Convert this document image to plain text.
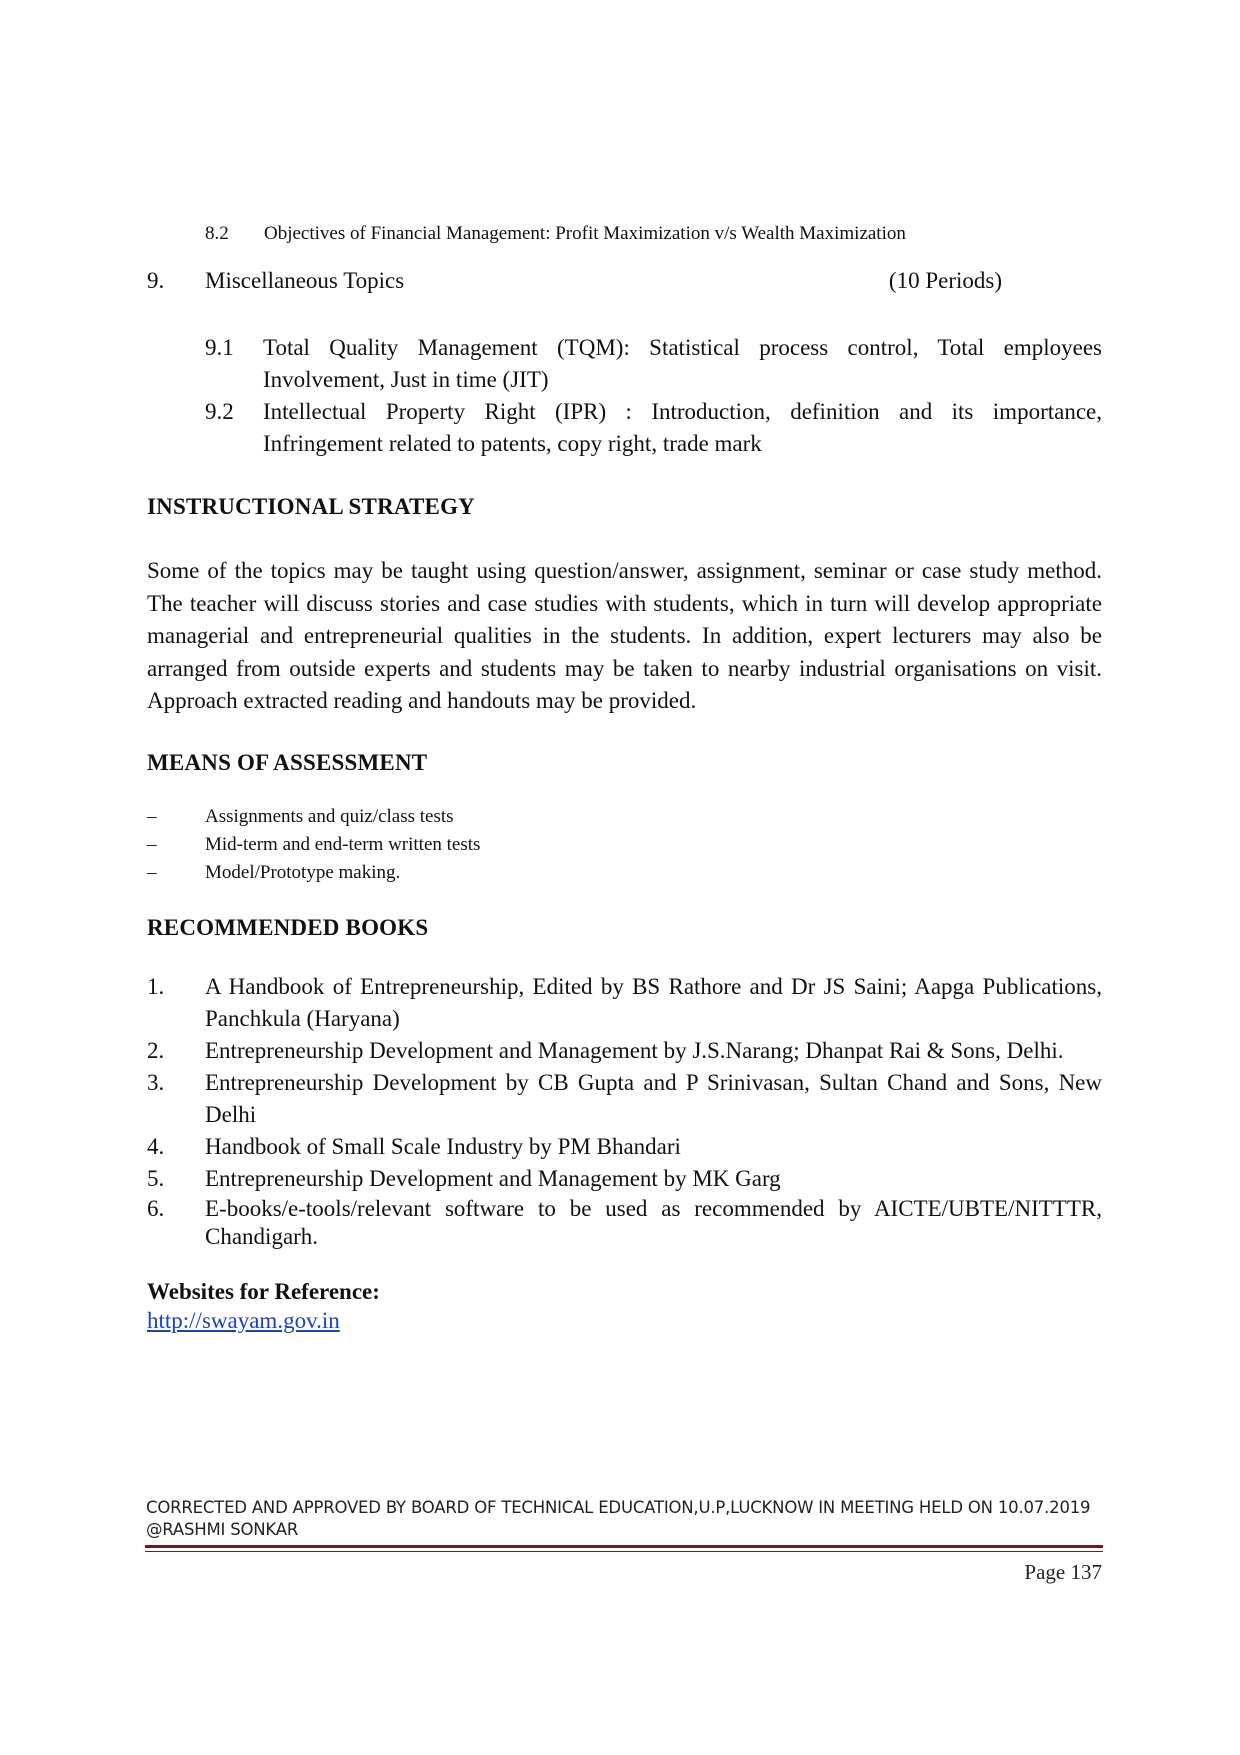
8.2 Objectives of Financial Management: Profit Maximization v/s Wealth Maximization
9. Miscellaneous Topics	(10 Periods)
9.1 Total Quality Management (TQM): Statistical process control, Total employees Involvement, Just in time (JIT)
9.2 Intellectual Property Right (IPR) : Introduction, definition and its importance, Infringement related to patents, copy right, trade mark
INSTRUCTIONAL STRATEGY

Some of the topics may be taught using question/answer, assignment, seminar or case study method. The teacher will discuss stories and case studies with students, which in turn will develop appropriate managerial and entrepreneurial qualities in the students. In addition, expert lecturers may also be arranged from outside experts and students may be taken to nearby industrial organisations on visit. Approach extracted reading and handouts may be provided.

MEANS OF ASSESSMENT
–	Assignments and quiz/class tests
–	Mid-term and end-term written tests
–	Model/Prototype making.
RECOMMENDED BOOKS
1. A Handbook of Entrepreneurship, Edited by BS Rathore and Dr JS Saini; Aapga Publications, Panchkula (Haryana)
2. Entrepreneurship Development and Management by J.S.Narang; Dhanpat Rai & Sons, Delhi.
3. Entrepreneurship Development by CB Gupta and P Srinivasan, Sultan Chand and Sons, New Delhi
4. Handbook of Small Scale Industry by PM Bhandari
5. Entrepreneurship Development and Management by MK Garg
6. E-books/e-tools/relevant software to be used as recommended by AICTE/UBTE/NITTTR, Chandigarh.
Websites for Reference:
http://swayam.gov.in
CORRECTED AND APPROVED BY BOARD OF TECHNICAL EDUCATION,U.P,LUCKNOW IN MEETING HELD ON 10.07.2019 @RASHMI SONKAR
Page 137
